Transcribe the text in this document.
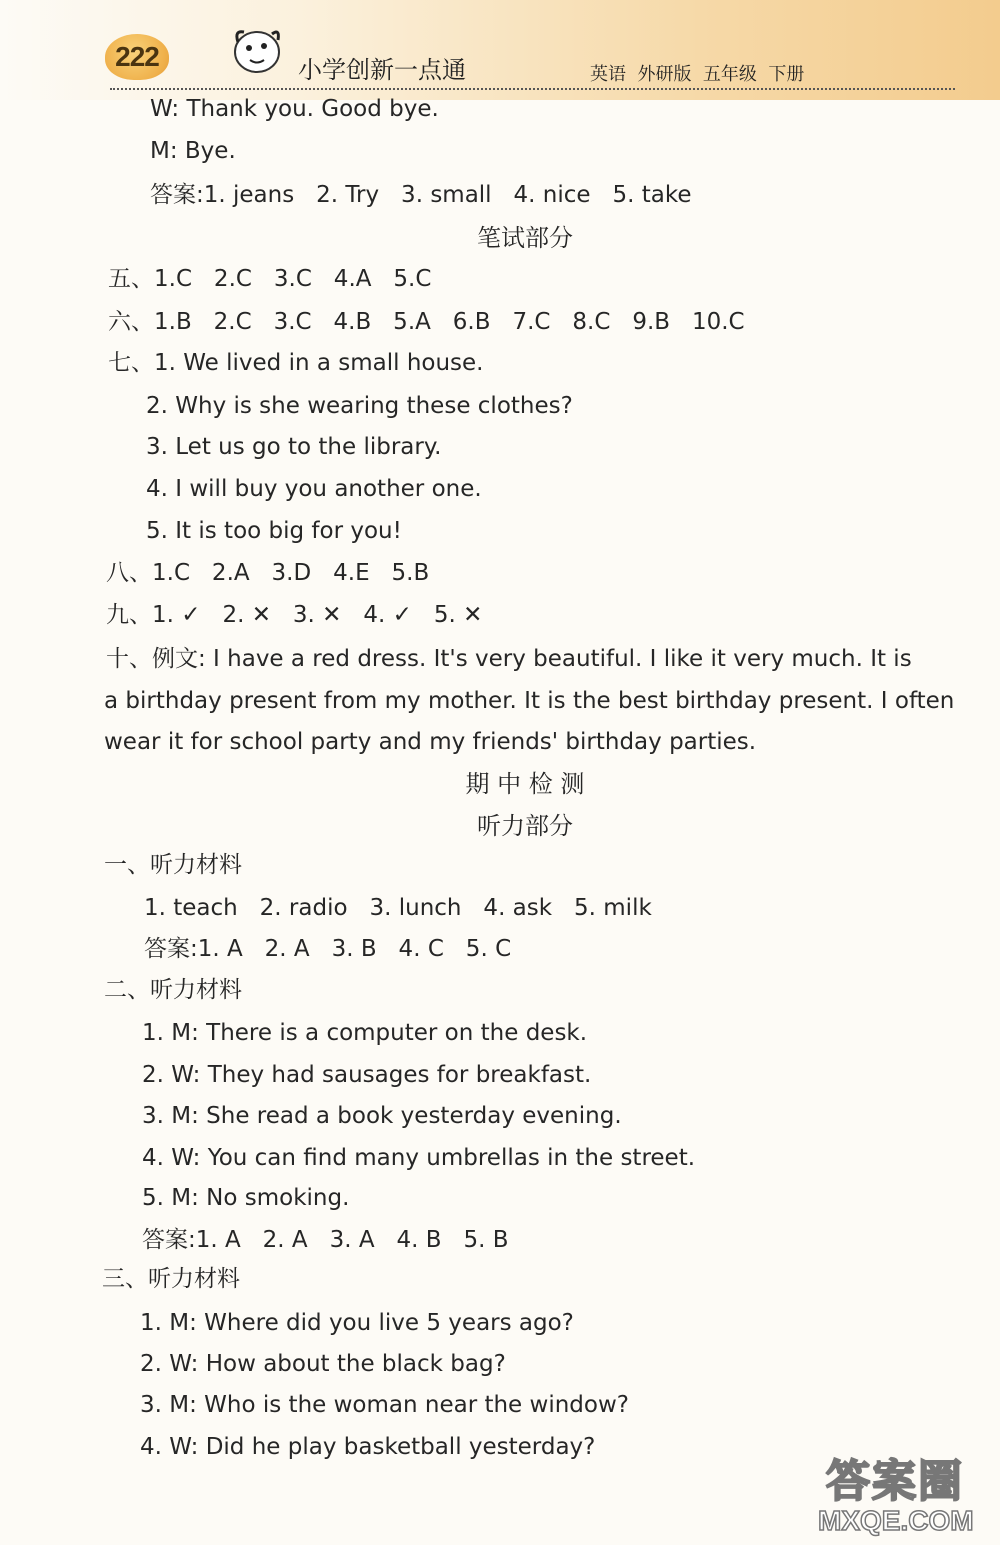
222	小学创新一点通	英语  外研版  五年级  下册
W: Thank you. Good bye.
M: Bye.
答案:1. jeans   2. Try   3. small   4. nice   5. take
笔试部分
五、1.C   2.C   3.C   4.A   5.C
六、1.B   2.C   3.C   4.B   5.A   6.B   7.C   8.C   9.B   10.C
七、1. We lived in a small house.
2. Why is she wearing these clothes?
3. Let us go to the library.
4. I will buy you another one.
5. It is too big for you!
八、1.C   2.A   3.D   4.E   5.B
九、1. ✓   2. ✕   3. ✕   4. ✓   5. ✕
十、例文: I have a red dress. It's very beautiful. I like it very much. It is
a birthday present from my mother. It is the best birthday present. I often
wear it for school party and my friends' birthday parties.
期 中 检 测
听力部分
一、听力材料
1. teach   2. radio   3. lunch   4. ask   5. milk
答案:1. A   2. A   3. B   4. C   5. C
二、听力材料
1. M: There is a computer on the desk.
2. W: They had sausages for breakfast.
3. M: She read a book yesterday evening.
4. W: You can find many umbrellas in the street.
5. M: No smoking.
答案:1. A   2. A   3. A   4. B   5. B
三、听力材料
1. M: Where did you live 5 years ago?
2. W: How about the black bag?
3. M: Who is the woman near the window?
4. W: Did he play basketball yesterday?
答案圈
MXQE.COM
